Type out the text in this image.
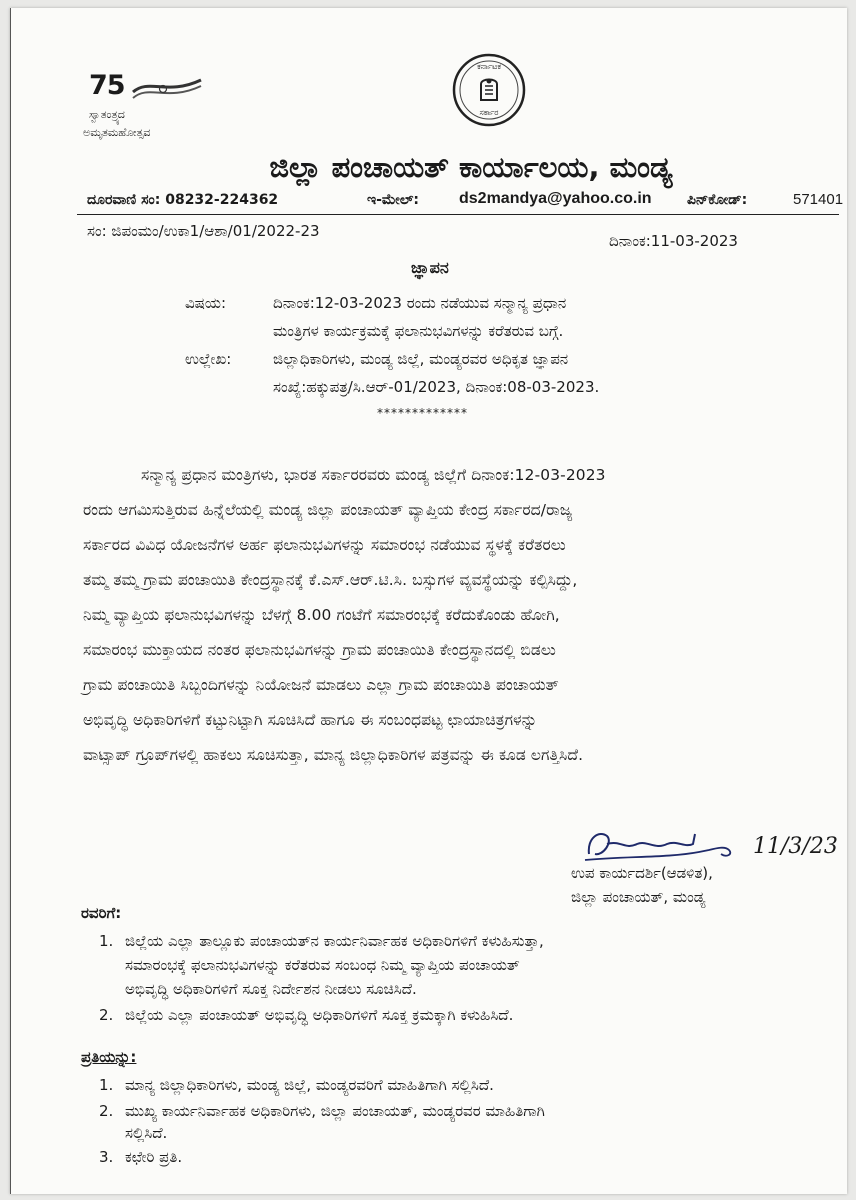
75
ಸ್ವಾತಂತ್ರ್ಯದ
ಅಮೃತಮಹೋತ್ಸವ
ಕರ್ನಾಟಕ
ಸರ್ಕಾರ
ಜಿಲ್ಲಾ ಪಂಚಾಯತ್ ಕಾರ್ಯಾಲಯ, ಮಂಡ್ಯ
ದೂರವಾಣಿ ಸಂ: 08232-224362	ಇ-ಮೇಲ್: ds2mandya@yahoo.co.in	ಪಿನ್‌ಕೋಡ್:	571401
ಸಂ: ಜಿಪಂಮಂ/ಉಕಾ1/ಆಶಾ/01/2022-23
ದಿನಾಂಕ:11-03-2023
ಜ್ಞಾಪನ
ವಿಷಯ:	ದಿನಾಂಕ:12-03-2023 ರಂದು ನಡೆಯುವ ಸನ್ಮಾನ್ಯ ಪ್ರಧಾನ
ಮಂತ್ರಿಗಳ ಕಾರ್ಯಕ್ರಮಕ್ಕೆ ಫಲಾನುಭವಿಗಳನ್ನು ಕರೆತರುವ ಬಗ್ಗೆ.
ಉಲ್ಲೇಖ:	ಜಿಲ್ಲಾಧಿಕಾರಿಗಳು, ಮಂಡ್ಯ ಜಿಲ್ಲೆ, ಮಂಡ್ಯರವರ ಅಧಿಕೃತ ಜ್ಞಾಪನ
ಸಂಖ್ಯೆ:ಹಕ್ಕುಪತ್ರ/ಸಿ.ಆರ್-01/2023, ದಿನಾಂಕ:08-03-2023.
*************
ಸನ್ಮಾನ್ಯ ಪ್ರಧಾನ ಮಂತ್ರಿಗಳು, ಭಾರತ ಸರ್ಕಾರರವರು ಮಂಡ್ಯ ಜಿಲ್ಲೆಗೆ ದಿನಾಂಕ:12-03-2023
ರಂದು ಆಗಮಿಸುತ್ತಿರುವ ಹಿನ್ನೆಲೆಯಲ್ಲಿ ಮಂಡ್ಯ ಜಿಲ್ಲಾ ಪಂಚಾಯತ್ ವ್ಯಾಪ್ತಿಯ ಕೇಂದ್ರ ಸರ್ಕಾರದ/ರಾಜ್ಯ
ಸರ್ಕಾರದ ವಿವಿಧ ಯೋಜನೆಗಳ ಅರ್ಹ ಫಲಾನುಭವಿಗಳನ್ನು ಸಮಾರಂಭ ನಡೆಯುವ ಸ್ಥಳಕ್ಕೆ ಕರೆತರಲು
ತಮ್ಮ ತಮ್ಮ ಗ್ರಾಮ ಪಂಚಾಯಿತಿ ಕೇಂದ್ರಸ್ಥಾನಕ್ಕೆ ಕೆ.ಎಸ್.ಆರ್.ಟಿ.ಸಿ. ಬಸ್ಸುಗಳ ವ್ಯವಸ್ಥೆಯನ್ನು ಕಲ್ಪಿಸಿದ್ದು,
ನಿಮ್ಮ ವ್ಯಾಪ್ತಿಯ ಫಲಾನುಭವಿಗಳನ್ನು ಬೆಳಗ್ಗೆ 8.00 ಗಂಟೆಗೆ ಸಮಾರಂಭಕ್ಕೆ ಕರೆದುಕೊಂಡು ಹೋಗಿ,
ಸಮಾರಂಭ ಮುಕ್ತಾಯದ ನಂತರ ಫಲಾನುಭವಿಗಳನ್ನು ಗ್ರಾಮ ಪಂಚಾಯಿತಿ ಕೇಂದ್ರಸ್ಥಾನದಲ್ಲಿ ಬಿಡಲು
ಗ್ರಾಮ ಪಂಚಾಯಿತಿ ಸಿಬ್ಬಂದಿಗಳನ್ನು ನಿಯೋಜನೆ ಮಾಡಲು ಎಲ್ಲಾ ಗ್ರಾಮ ಪಂಚಾಯಿತಿ ಪಂಚಾಯತ್
ಅಭಿವೃದ್ಧಿ ಅಧಿಕಾರಿಗಳಿಗೆ ಕಟ್ಟುನಿಟ್ಟಾಗಿ ಸೂಚಿಸಿದೆ ಹಾಗೂ ಈ ಸಂಬಂಧಪಟ್ಟ ಛಾಯಾಚಿತ್ರಗಳನ್ನು
ವಾಟ್ಸಾಪ್ ಗ್ರೂಪ್‌ಗಳಲ್ಲಿ ಹಾಕಲು ಸೂಚಿಸುತ್ತಾ, ಮಾನ್ಯ ಜಿಲ್ಲಾಧಿಕಾರಿಗಳ ಪತ್ರವನ್ನು ಈ ಕೂಡ ಲಗತ್ತಿಸಿದೆ.
11/3/23
ಉಪ ಕಾರ್ಯದರ್ಶಿ(ಆಡಳಿತ),
ಜಿಲ್ಲಾ ಪಂಚಾಯತ್, ಮಂಡ್ಯ
ರವರಿಗೆ:
1. ಜಿಲ್ಲೆಯ ಎಲ್ಲಾ ತಾಲ್ಲೂಕು ಪಂಚಾಯತ್‌ನ ಕಾರ್ಯನಿರ್ವಾಹಕ ಅಧಿಕಾರಿಗಳಿಗೆ ಕಳುಹಿಸುತ್ತಾ,
ಸಮಾರಂಭಕ್ಕೆ ಫಲಾನುಭವಿಗಳನ್ನು ಕರೆತರುವ ಸಂಬಂಧ ನಿಮ್ಮ ವ್ಯಾಪ್ತಿಯ ಪಂಚಾಯತ್
ಅಭಿವೃದ್ಧಿ ಅಧಿಕಾರಿಗಳಿಗೆ ಸೂಕ್ತ ನಿರ್ದೇಶನ ನೀಡಲು ಸೂಚಿಸಿದೆ.
2. ಜಿಲ್ಲೆಯ ಎಲ್ಲಾ ಪಂಚಾಯತ್ ಅಭಿವೃದ್ಧಿ ಅಧಿಕಾರಿಗಳಿಗೆ ಸೂಕ್ತ ಕ್ರಮಕ್ಕಾಗಿ ಕಳುಹಿಸಿದೆ.
ಪ್ರತಿಯನ್ನು:
1. ಮಾನ್ಯ ಜಿಲ್ಲಾಧಿಕಾರಿಗಳು, ಮಂಡ್ಯ ಜಿಲ್ಲೆ, ಮಂಡ್ಯರವರಿಗೆ ಮಾಹಿತಿಗಾಗಿ ಸಲ್ಲಿಸಿದೆ.
2. ಮುಖ್ಯ ಕಾರ್ಯನಿರ್ವಾಹಕ ಅಧಿಕಾರಿಗಳು, ಜಿಲ್ಲಾ ಪಂಚಾಯತ್, ಮಂಡ್ಯರವರ ಮಾಹಿತಿಗಾಗಿ
ಸಲ್ಲಿಸಿದೆ.
3. ಕಛೇರಿ ಪ್ರತಿ.
